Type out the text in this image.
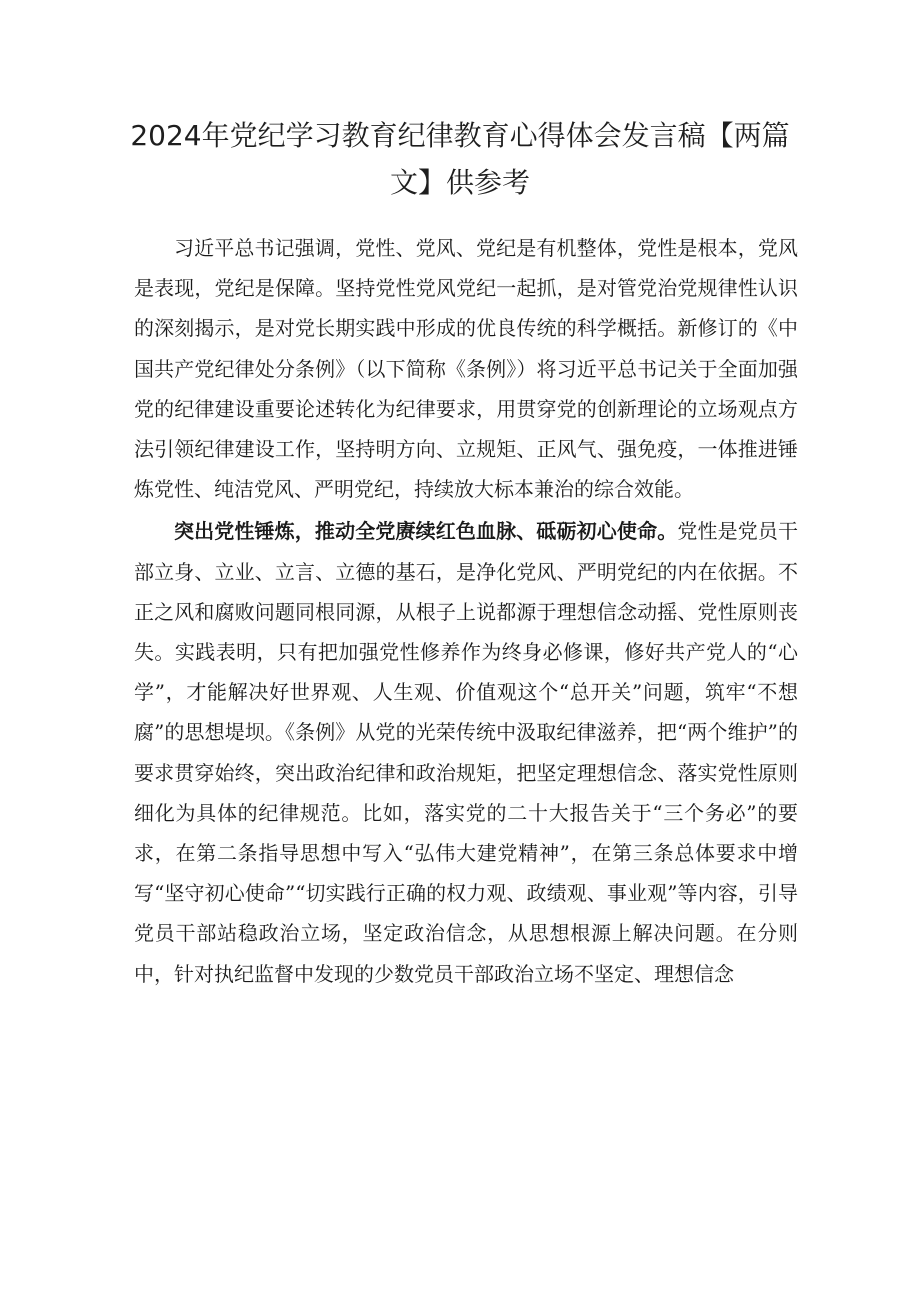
2024年党纪学习教育纪律教育心得体会发言稿【两篇文】供参考

习近平总书记强调，党性、党风、党纪是有机整体，党性是根本，党风是表现，党纪是保障。坚持党性党风党纪一起抓，是对管党治党规律性认识的深刻揭示，是对党长期实践中形成的优良传统的科学概括。新修订的《中国共产党纪律处分条例》（以下简称《条例》）将习近平总书记关于全面加强党的纪律建设重要论述转化为纪律要求，用贯穿党的创新理论的立场观点方法引领纪律建设工作，坚持明方向、立规矩、正风气、强免疫，一体推进锤炼党性、纯洁党风、严明党纪，持续放大标本兼治的综合效能。

突出党性锤炼，推动全党赓续红色血脉、砥砺初心使命。党性是党员干部立身、立业、立言、立德的基石，是净化党风、严明党纪的内在依据。不正之风和腐败问题同根同源，从根子上说都源于理想信念动摇、党性原则丧失。实践表明，只有把加强党性修养作为终身必修课，修好共产党人的“心学”，才能解决好世界观、人生观、价值观这个“总开关”问题，筑牢“不想腐”的思想堤坝。《条例》从党的光荣传统中汲取纪律滋养，把“两个维护”的要求贯穿始终，突出政治纪律和政治规矩，把坚定理想信念、落实党性原则细化为具体的纪律规范。比如，落实党的二十大报告关于“三个务必”的要求，在第二条指导思想中写入“弘伟大建党精神”，在第三条总体要求中增写“坚守初心使命”“切实践行正确的权力观、政绩观、事业观”等内容，引导党员干部站稳政治立场，坚定政治信念，从思想根源上解决问题。在分则中，针对执纪监督中发现的少数党员干部政治立场不坚定、理想信念
